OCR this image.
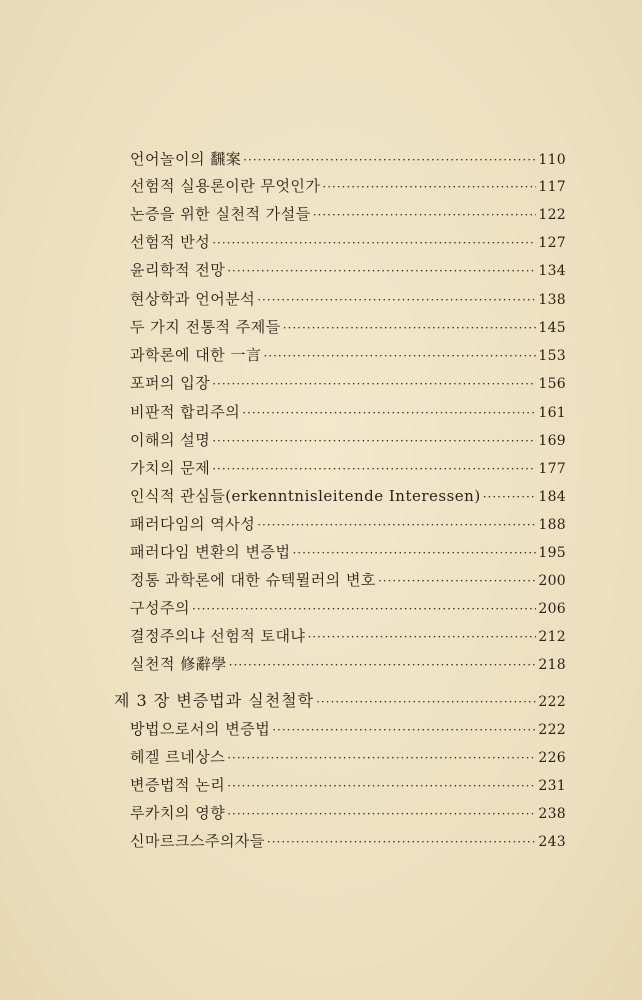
언어놀이의 飜案 ·····	110
선험적 실용론이란 무엇인가 ·····	117
논증을 위한 실천적 가설들 ·····	122
선험적 반성 ·····	127
윤리학적 전망 ·····	134
현상학과 언어분석 ·····	138
두 가지 전통적 주제들 ·····	145
과학론에 대한 一言 ·····	153
포퍼의 입장 ·····	156
비판적 합리주의 ·····	161
이해의 설명 ·····	169
가치의 문제 ·····	177
인식적 관심들(erkenntnisleitende Interessen) ·····	184
패러다임의 역사성 ·····	188
패러다임 변환의 변증법 ·····	195
정통 과학론에 대한 슈텍뮐러의 변호 ·····	200
구성주의 ·····	206
결정주의냐 선험적 토대냐 ·····	212
실천적 修辭學 ·····	218
제 3 장 변증법과 실천철학 ·····	222
방법으로서의 변증법 ·····	222
헤겔 르네상스 ·····	226
변증법적 논리 ·····	231
루카치의 영향 ·····	238
신마르크스주의자들 ·····	243
